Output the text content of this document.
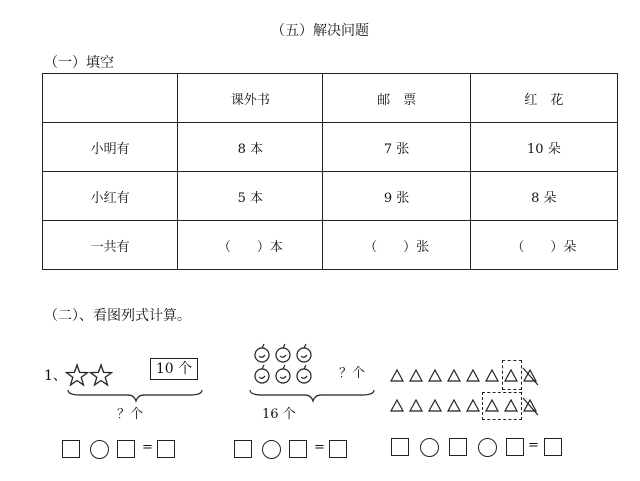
（五）解决问题
（一）填空
	课外书	邮　票	红　花
小明有	8 本	7 张	10 朵
小红有	5 本	9 张	8 朵
一共有	（　　）本	（　　）张	（　　）朵
（二）、看图列式计算。
1、	10 个
？个
=
？个
16 个
=	=
